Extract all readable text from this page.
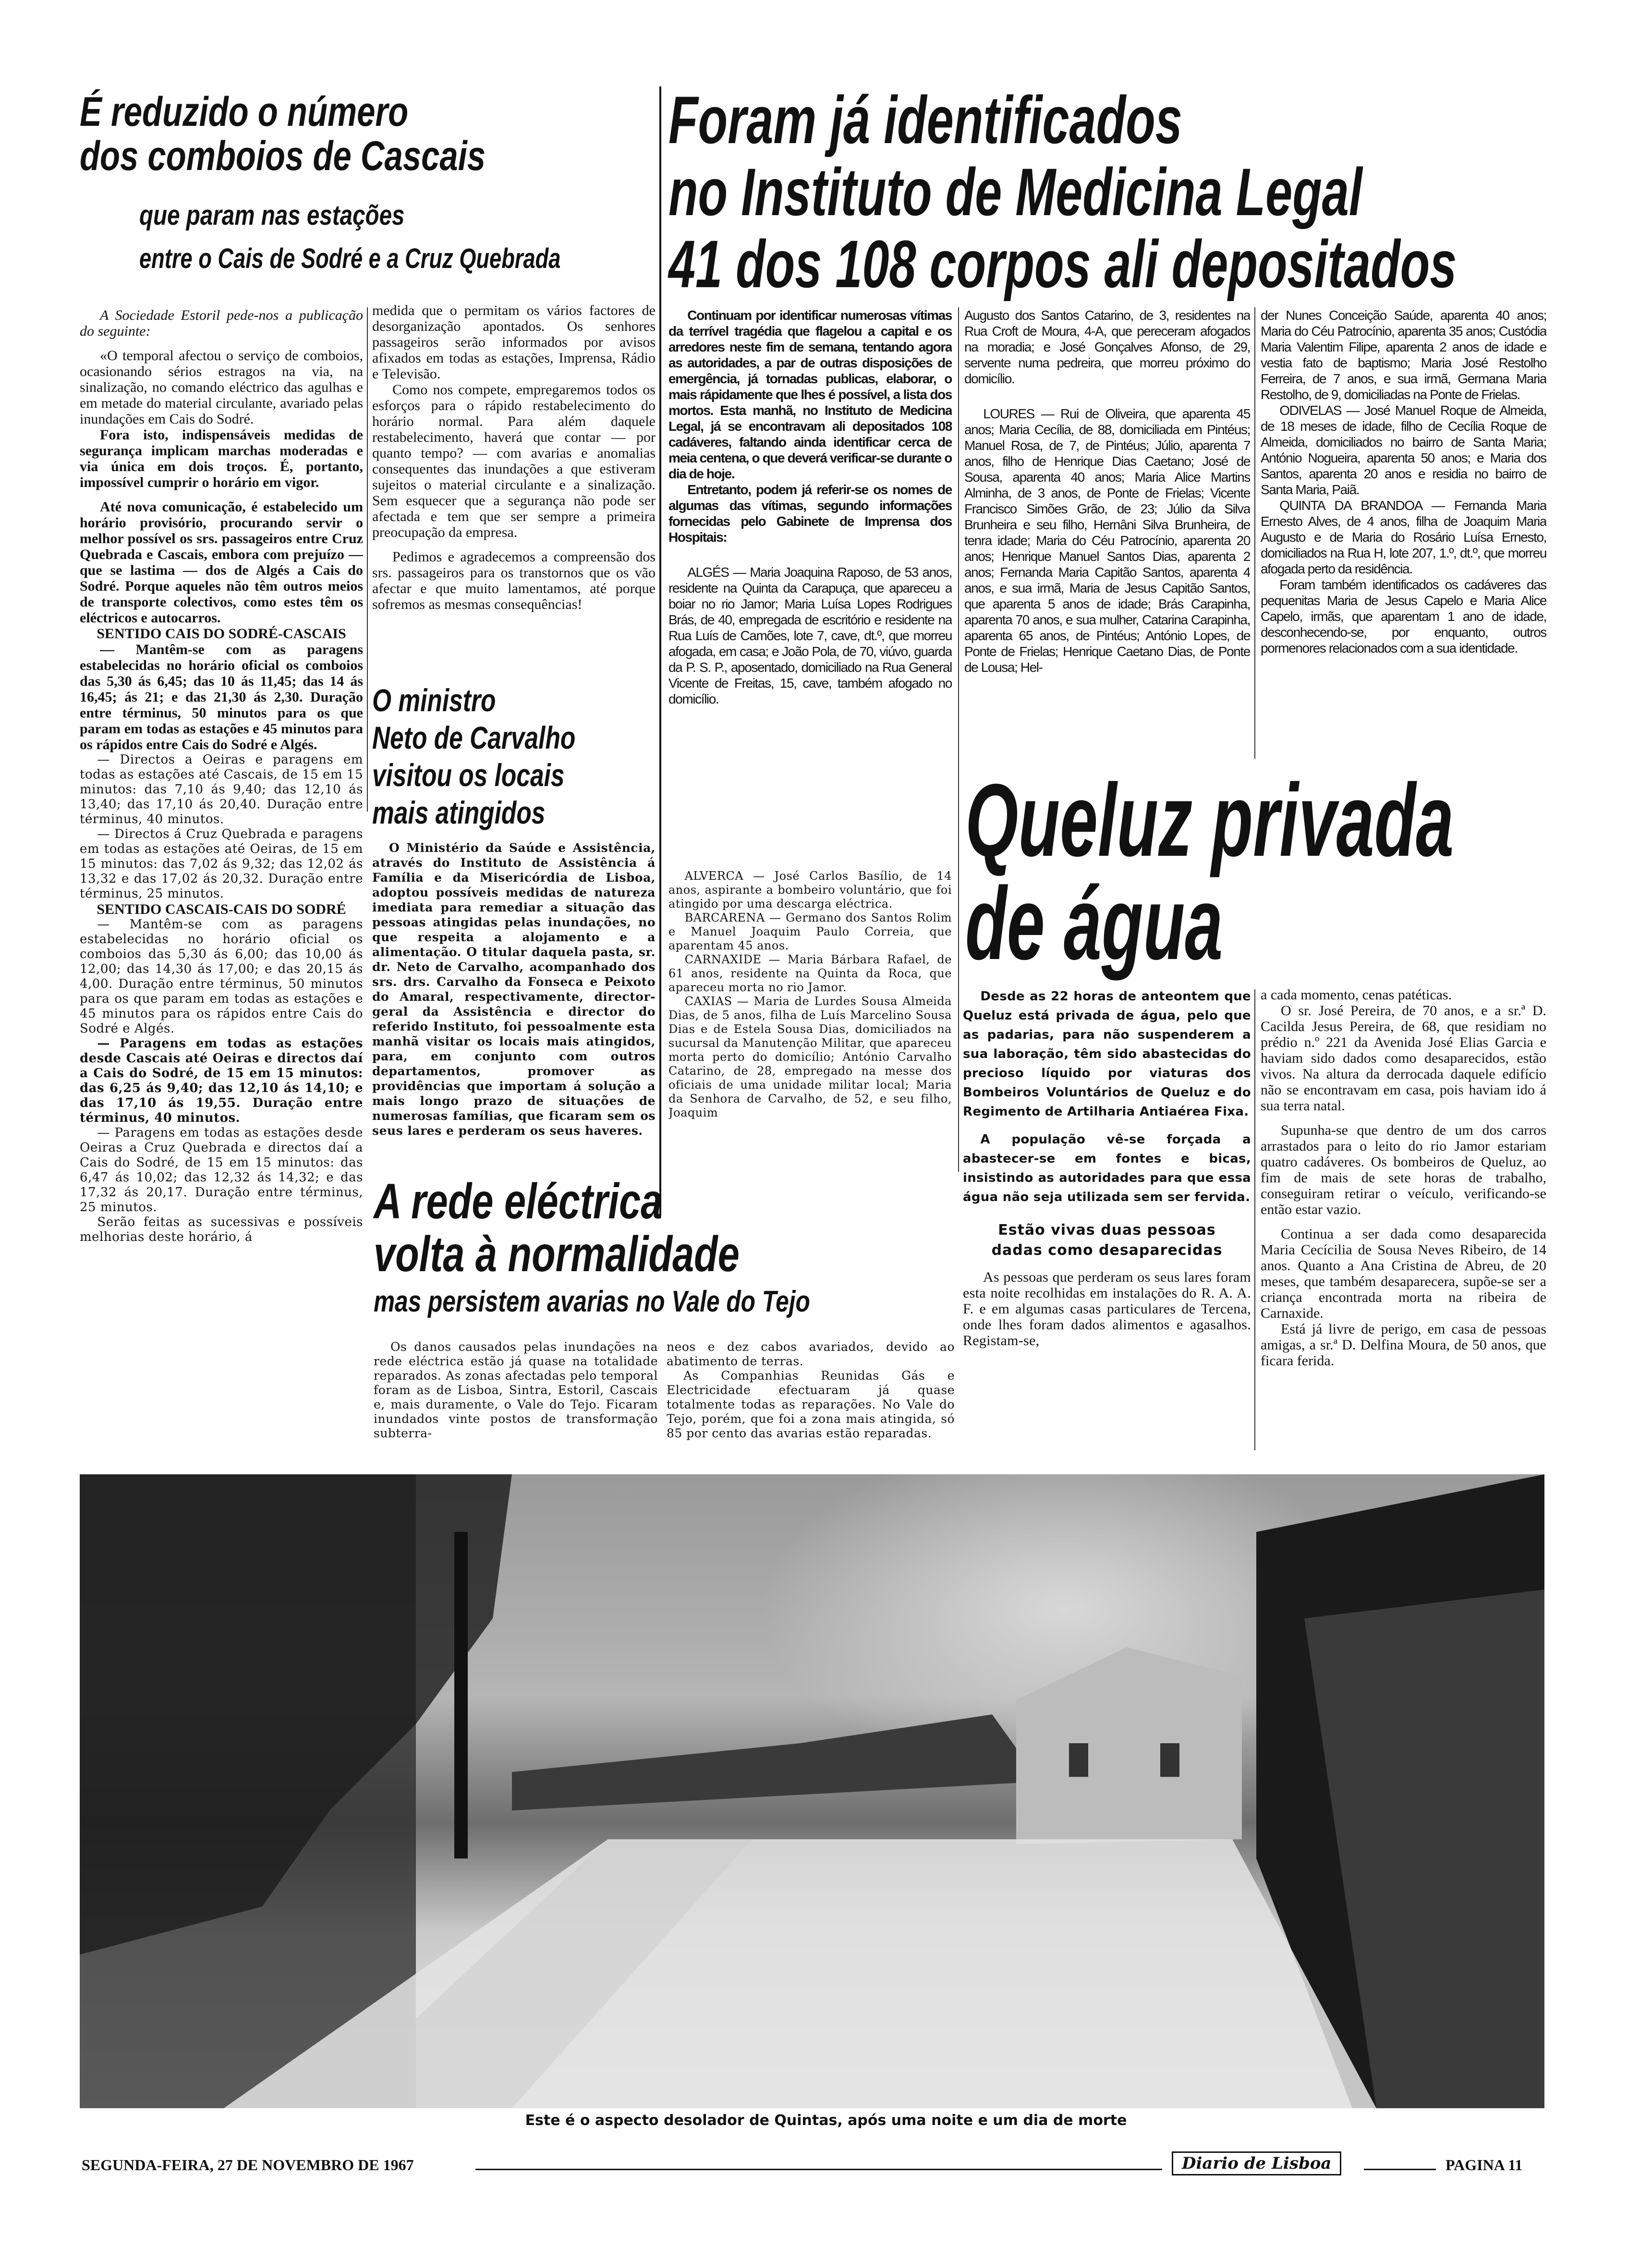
É reduzido o número
dos comboios de Cascais
que param nas estações
entre o Cais de Sodré e a Cruz Quebrada

A Sociedade Estoril pede-nos a publicação do seguinte:

«O temporal afectou o serviço de comboios, ocasionando sérios estragos na via, na sinalização, no comando eléctrico das agulhas e em metade do material circulante, avariado pelas inundações em Cais do Sodré.

Fora isto, indispensáveis medidas de segurança implicam marchas moderadas e via única em dois troços. É, portanto, impossível cumprir o horário em vigor.

Até nova comunicação, é estabelecido um horário provisório, procurando servir o melhor possível os srs. passageiros entre Cruz Quebrada e Cascais, embora com prejuízo — que se lastima — dos de Algés a Cais do Sodré. Porque aqueles não têm outros meios de transporte colectivos, como estes têm os eléctricos e autocarros.

SENTIDO CAIS DO SODRÉ-CASCAIS

— Mantêm-se com as paragens estabelecidas no horário oficial os comboios das 5,30 ás 6,45; das 10 ás 11,45; das 14 ás 16,45; ás 21; e das 21,30 ás 2,30. Duração entre términus, 50 minutos para os que param em todas as estações e 45 minutos para os rápidos entre Cais do Sodré e Algés.

— Directos a Oeiras e paragens em todas as estações até Cascais, de 15 em 15 minutos: das 7,10 ás 9,40; das 12,10 ás 13,40; das 17,10 ás 20,40. Duração entre términus, 40 minutos.

— Directos á Cruz Quebrada e paragens em todas as estações até Oeiras, de 15 em 15 minutos: das 7,02 ás 9,32; das 12,02 ás 13,32 e das 17,02 ás 20,32. Duração entre términus, 25 minutos.

SENTIDO CASCAIS-CAIS DO SODRÉ

— Mantêm-se com as paragens estabelecidas no horário oficial os comboios das 5,30 ás 6,00; das 10,00 ás 12,00; das 14,30 ás 17,00; e das 20,15 ás 4,00. Duração entre términus, 50 minutos para os que param em todas as estações e 45 minutos para os rápidos entre Cais do Sodré e Algés.

— Paragens em todas as estações desde Cascais até Oeiras e directos daí a Cais do Sodré, de 15 em 15 minutos: das 6,25 ás 9,40; das 12,10 ás 14,10; e das 17,10 ás 19,55. Duração entre términus, 40 minutos.

— Paragens em todas as estações desde Oeiras a Cruz Quebrada e directos daí a Cais do Sodré, de 15 em 15 minutos: das 6,47 ás 10,02; das 12,32 ás 14,32; e das 17,32 ás 20,17. Duração entre términus, 25 minutos.

Serão feitas as sucessivas e possíveis melhorias deste horário, á

medida que o permitam os vários factores de desorganização apontados. Os senhores passageiros serão informados por avisos afixados em todas as estações, Imprensa, Rádio e Televisão.

Como nos compete, empregaremos todos os esforços para o rápido restabelecimento do horário normal. Para além daquele restabelecimento, haverá que contar — por quanto tempo? — com avarias e anomalias consequentes das inundações a que estiveram sujeitos o material circulante e a sinalização. Sem esquecer que a segurança não pode ser afectada e tem que ser sempre a primeira preocupação da empresa.

Pedimos e agradecemos a compreensão dos srs. passageiros para os transtornos que os vão afectar e que muito lamentamos, até porque sofremos as mesmas consequências!

O ministro
Neto de Carvalho
visitou os locais
mais atingidos

O Ministério da Saúde e Assistência, através do Instituto de Assistência á Família e da Misericórdia de Lisboa, adoptou possíveis medidas de natureza imediata para remediar a situação das pessoas atingidas pelas inundações, no que respeita a alojamento e a alimentação. O titular daquela pasta, sr. dr. Neto de Carvalho, acompanhado dos srs. drs. Carvalho da Fonseca e Peixoto do Amaral, respectivamente, director-geral da Assistência e director do referido Instituto, foi pessoalmente esta manhã visitar os locais mais atingidos, para, em conjunto com outros departamentos, promover as providências que importam á solução a mais longo prazo de situações de numerosas famílias, que ficaram sem os seus lares e perderam os seus haveres.

Foram já identificados
no Instituto de Medicina Legal
41 dos 108 corpos ali depositados

Continuam por identificar numerosas vítimas da terrível tragédia que flagelou a capital e os arredores neste fim de semana, tentando agora as autoridades, a par de outras disposições de emergência, já tornadas publicas, elaborar, o mais rápidamente que lhes é possível, a lista dos mortos. Esta manhã, no Instituto de Medicina Legal, já se encontravam ali depositados 108 cadáveres, faltando ainda identificar cerca de meia centena, o que deverá verificar-se durante o dia de hoje.

Entretanto, podem já referir-se os nomes de algumas das vítimas, segundo informações fornecidas pelo Gabinete de Imprensa dos Hospitais:

ALGÉS — Maria Joaquina Raposo, de 53 anos, residente na Quinta da Carapuça, que apareceu a boiar no rio Jamor; Maria Luísa Lopes Rodrigues Brás, de 40, empregada de escritório e residente na Rua Luís de Camões, lote 7, cave, dt.º, que morreu afogada, em casa; e João Pola, de 70, viúvo, guarda da P. S. P., aposentado, domiciliado na Rua General Vicente de Freitas, 15, cave, também afogado no domicílio.

ALVERCA — José Carlos Basílio, de 14 anos, aspirante a bombeiro voluntário, que foi atingido por uma descarga eléctrica.

BARCARENA — Germano dos Santos Rolim e Manuel Joaquim Paulo Correia, que aparentam 45 anos.

CARNAXIDE — Maria Bárbara Rafael, de 61 anos, residente na Quinta da Roca, que apareceu morta no rio Jamor.

CAXIAS — Maria de Lurdes Sousa Almeida Dias, de 5 anos, filha de Luís Marcelino Sousa Dias e de Estela Sousa Dias, domiciliados na sucursal da Manutenção Militar, que apareceu morta perto do domicílio; António Carvalho Catarino, de 28, empregado na messe dos oficiais de uma unidade militar local; Maria da Senhora de Carvalho, de 52, e seu filho, Joaquim

Augusto dos Santos Catarino, de 3, residentes na Rua Croft de Moura, 4-A, que pereceram afogados na moradia; e José Gonçalves Afonso, de 29, servente numa pedreira, que morreu próximo do domicílio.

LOURES — Rui de Oliveira, que aparenta 45 anos; Maria Cecília, de 88, domiciliada em Pintéus; Manuel Rosa, de 7, de Pintéus; Júlio, aparenta 7 anos, filho de Henrique Dias Caetano; José de Sousa, aparenta 40 anos; Maria Alice Martins Alminha, de 3 anos, de Ponte de Frielas; Vicente Francisco Simões Grão, de 23; Júlio da Silva Brunheira e seu filho, Hernâni Silva Brunheira, de tenra idade; Maria do Céu Patrocínio, aparenta 20 anos; Henrique Manuel Santos Dias, aparenta 2 anos; Fernanda Maria Capitão Santos, aparenta 4 anos, e sua irmã, Maria de Jesus Capitão Santos, que aparenta 5 anos de idade; Brás Carapinha, aparenta 70 anos, e sua mulher, Catarina Carapinha, aparenta 65 anos, de Pintéus; António Lopes, de Ponte de Frielas; Henrique Caetano Dias, de Ponte de Lousa; Hel-

der Nunes Conceição Saúde, aparenta 40 anos; Maria do Céu Patrocínio, aparenta 35 anos; Custódia Maria Valentim Filipe, aparenta 2 anos de idade e vestia fato de baptismo; Maria José Restolho Ferreira, de 7 anos, e sua irmã, Germana Maria Restolho, de 9, domiciliadas na Ponte de Frielas.

ODIVELAS — José Manuel Roque de Almeida, de 18 meses de idade, filho de Cecília Roque de Almeida, domiciliados no bairro de Santa Maria; António Nogueira, aparenta 50 anos; e Maria dos Santos, aparenta 20 anos e residia no bairro de Santa Maria, Paiã.

QUINTA DA BRANDOA — Fernanda Maria Ernesto Alves, de 4 anos, filha de Joaquim Maria Augusto e de Maria do Rosário Luísa Ernesto, domiciliados na Rua H, lote 207, 1.º, dt.º, que morreu afogada perto da residência.

Foram também identificados os cadáveres das pequenitas Maria de Jesus Capelo e Maria Alice Capelo, irmãs, que aparentam 1 ano de idade, desconhecendo-se, por enquanto, outros pormenores relacionados com a sua identidade.

Queluz privada
de água

Desde as 22 horas de anteontem que Queluz está privada de água, pelo que as padarias, para não suspenderem a sua laboração, têm sido abastecidas do precioso líquido por viaturas dos Bombeiros Voluntários de Queluz e do Regimento de Artilharia Antiaérea Fixa.

A população vê-se forçada a abastecer-se em fontes e bicas, insistindo as autoridades para que essa água não seja utilizada sem ser fervida.

Estão vivas duas pessoas dadas como desaparecidas

As pessoas que perderam os seus lares foram esta noite recolhidas em instalações do R. A. A. F. e em algumas casas particulares de Tercena, onde lhes foram dados alimentos e agasalhos. Registam-se,

a cada momento, cenas patéticas.

O sr. José Pereira, de 70 anos, e a sr.ª D. Cacilda Jesus Pereira, de 68, que residiam no prédio n.º 221 da Avenida José Elias Garcia e haviam sido dados como desaparecidos, estão vivos. Na altura da derrocada daquele edifício não se encontravam em casa, pois haviam ido á sua terra natal.

Supunha-se que dentro de um dos carros arrastados para o leito do rio Jamor estariam quatro cadáveres. Os bombeiros de Queluz, ao fim de mais de sete horas de trabalho, conseguiram retirar o veículo, verificando-se então estar vazio.

Continua a ser dada como desaparecida Maria Cecícilia de Sousa Neves Ribeiro, de 14 anos. Quanto a Ana Cristina de Abreu, de 20 meses, que também desaparecera, supõe-se ser a criança encontrada morta na ribeira de Carnaxide.

Está já livre de perigo, em casa de pessoas amigas, a sr.ª D. Delfina Moura, de 50 anos, que ficara ferida.

A rede eléctrica
volta à normalidade
mas persistem avarias no Vale do Tejo

Os danos causados pelas inundações na rede eléctrica estão já quase na totalidade reparados. As zonas afectadas pelo temporal foram as de Lisboa, Sintra, Estoril, Cascais e, mais duramente, o Vale do Tejo. Ficaram inundados vinte postos de transformação subterra-

neos e dez cabos avariados, devido ao abatimento de terras.

As Companhias Reunidas Gás e Electricidade efectuaram já quase totalmente todas as reparações. No Vale do Tejo, porém, que foi a zona mais atingida, só 85 por cento das avarias estão reparadas.

Este é o aspecto desolador de Quintas, após uma noite e um dia de morte
SEGUNDA-FEIRA, 27 DE NOVEMBRO DE 1967	Diario de Lisboa	PAGINA 11
